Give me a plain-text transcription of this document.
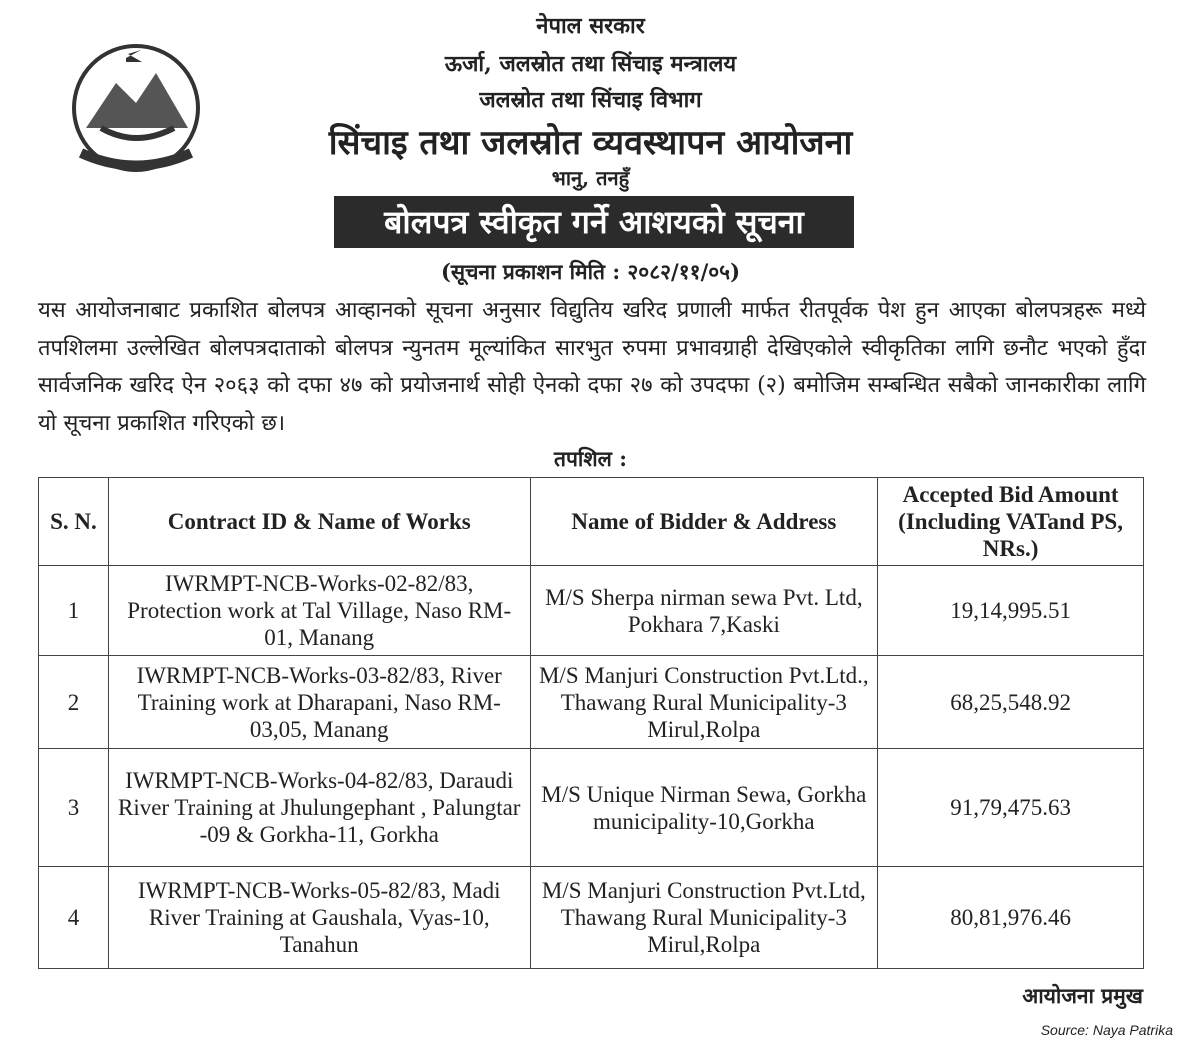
नेपाल सरकार
ऊर्जा, जलस्रोत तथा सिंचाइ मन्त्रालय
जलस्रोत तथा सिंचाइ विभाग
सिंचाइ तथा जलस्रोत व्यवस्थापन आयोजना
भानु, तनहुँ
बोलपत्र स्वीकृत गर्ने आशयको सूचना
(सूचना प्रकाशन मिति : २०८२/११/०५)
यस आयोजनाबाट प्रकाशित बोलपत्र आव्हानको सूचना अनुसार विद्युतिय खरिद प्रणाली मार्फत रीतपूर्वक पेश हुन आएका बोलपत्रहरू मध्ये तपशिलमा उल्लेखित बोलपत्रदाताको बोलपत्र न्युनतम मूल्यांकित सारभुत रुपमा प्रभावग्राही देखिएकोले स्वीकृतिका लागि छनौट भएको हुँदा सार्वजनिक खरिद ऐन २०६३ को दफा ४७ को प्रयोजनार्थ सोही ऐनको दफा २७ को उपदफा (२) बमोजिम सम्बन्धित सबैको जानकारीका लागि यो सूचना प्रकाशित गरिएको छ।
तपशिल :
S. N.	Contract ID & Name of Works	Name of Bidder & Address	Accepted Bid Amount (Including VATand PS, NRs.)
1	IWRMPT-NCB-Works-02-82/83, Protection work at Tal Village, Naso RM-01, Manang	M/S Sherpa nirman sewa Pvt. Ltd, Pokhara 7,Kaski	19,14,995.51
2	IWRMPT-NCB-Works-03-82/83, River Training work at Dharapani, Naso RM-03,05, Manang	M/S Manjuri Construction Pvt.Ltd., Thawang Rural Municipality-3 Mirul,Rolpa	68,25,548.92
3	IWRMPT-NCB-Works-04-82/83, Daraudi River Training at Jhulungephant , Palungtar -09 & Gorkha-11, Gorkha	M/S Unique Nirman Sewa, Gorkha municipality-10,Gorkha	91,79,475.63
4	IWRMPT-NCB-Works-05-82/83, Madi River Training at Gaushala, Vyas-10, Tanahun	M/S Manjuri Construction Pvt.Ltd, Thawang Rural Municipality-3 Mirul,Rolpa	80,81,976.46
आयोजना प्रमुख
Source: Naya Patrika
